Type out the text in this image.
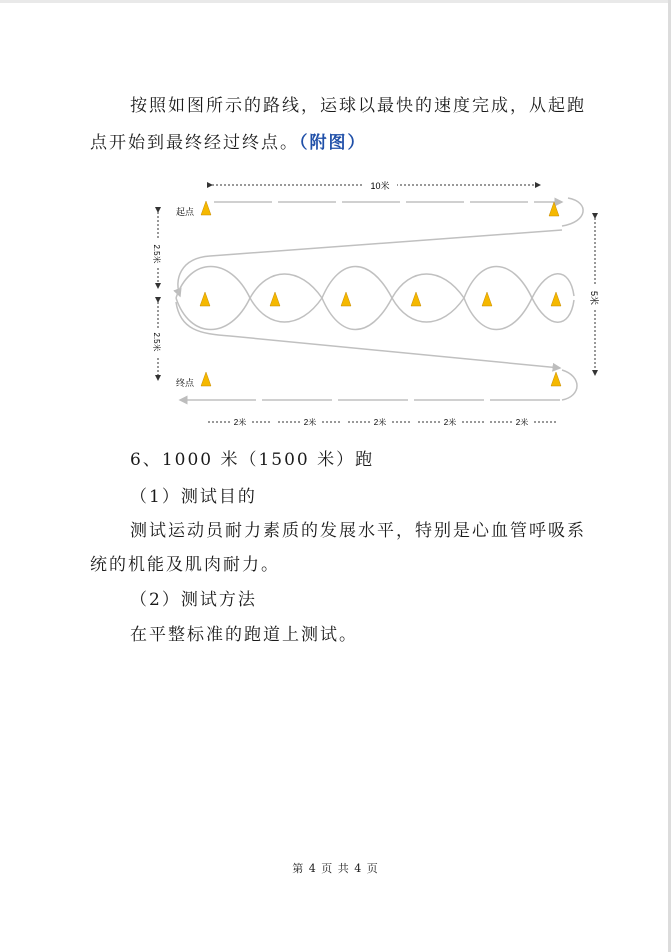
按照如图所示的路线，运球以最快的速度完成，从起跑
点开始到最终经过终点。（附图）
10米
起点
2.5米
2.5米
5米
终点
2米	2米	2米	2米	2米
6、1000 米（1500 米）跑
（1）测试目的
测试运动员耐力素质的发展水平，特别是心血管呼吸系
统的机能及肌肉耐力。
（2）测试方法
在平整标准的跑道上测试。
第 4 页 共 4 页
